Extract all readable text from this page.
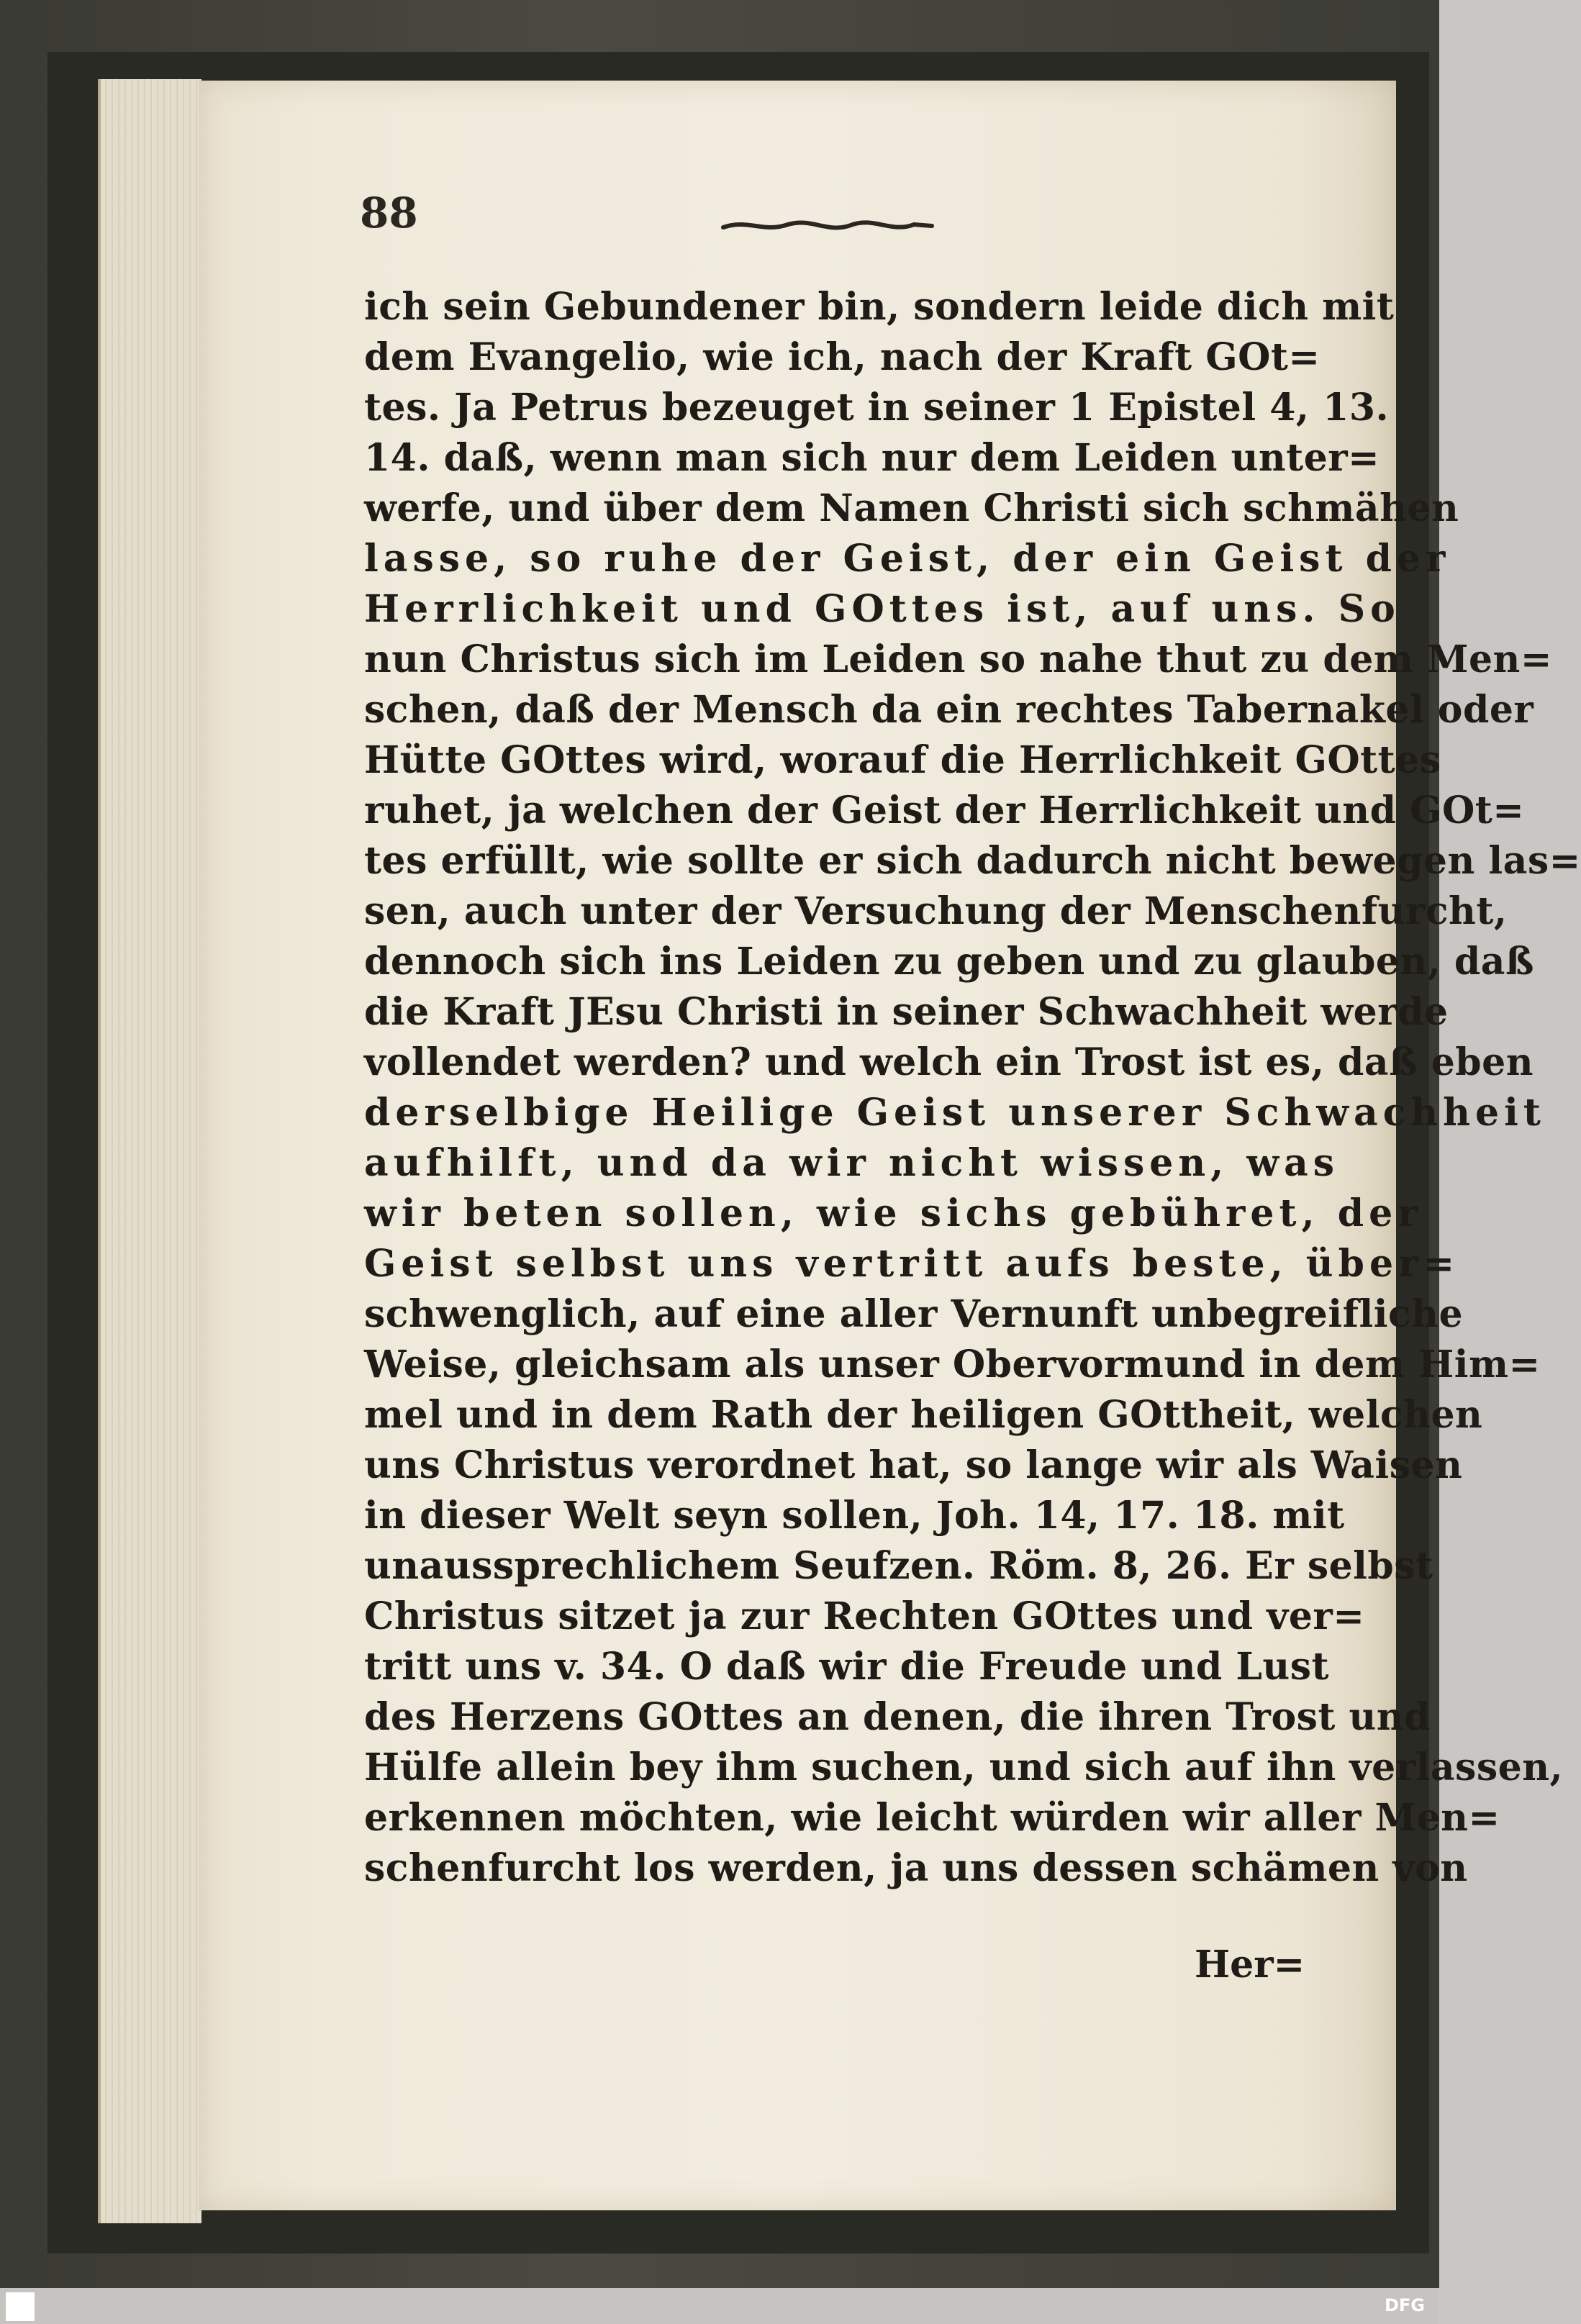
88
ich sein Gebundener bin, sondern leide dich mit
dem Evangelio, wie ich, nach der Kraft GOt=
tes. Ja Petrus bezeuget in seiner 1 Epistel 4, 13.
14. daß, wenn man sich nur dem Leiden unter=
werfe, und über dem Namen Christi sich schmähen
lasse, so ruhe der Geist, der ein Geist der
Herrlichkeit und GOttes ist, auf uns. So
nun Christus sich im Leiden so nahe thut zu dem Men=
schen, daß der Mensch da ein rechtes Tabernakel oder
Hütte GOttes wird, worauf die Herrlichkeit GOttes
ruhet, ja welchen der Geist der Herrlichkeit und GOt=
tes erfüllt, wie sollte er sich dadurch nicht bewegen las=
sen, auch unter der Versuchung der Menschenfurcht,
dennoch sich ins Leiden zu geben und zu glauben, daß
die Kraft JEsu Christi in seiner Schwachheit werde
vollendet werden? und welch ein Trost ist es, daß eben
derselbige Heilige Geist unserer Schwachheit
aufhilft, und da wir nicht wissen, was
wir beten sollen, wie sichs gebühret, der
Geist selbst uns vertritt aufs beste, über=
schwenglich, auf eine aller Vernunft unbegreifliche
Weise, gleichsam als unser Obervormund in dem Him=
mel und in dem Rath der heiligen GOttheit, welchen
uns Christus verordnet hat, so lange wir als Waisen
in dieser Welt seyn sollen, Joh. 14, 17. 18. mit
unaussprechlichem Seufzen. Röm. 8, 26. Er selbst
Christus sitzet ja zur Rechten GOttes und ver=
tritt uns v. 34. O daß wir die Freude und Lust
des Herzens GOttes an denen, die ihren Trost und
Hülfe allein bey ihm suchen, und sich auf ihn verlassen,
erkennen möchten, wie leicht würden wir aller Men=
schenfurcht los werden, ja uns dessen schämen von
Her=
DFG
